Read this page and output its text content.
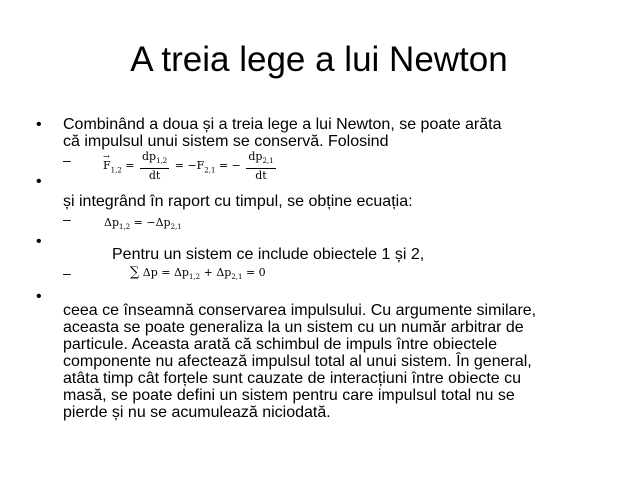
A treia lege a lui Newton
• Combinând a doua și a treia lege a lui Newton, se poate arăta
că impulsul unui sistem se conservă. Folosind
–
→	$F_{1,2} = \frac{dp_{1,2}}{dt} = -F_{2,1}$ = − $\frac{dp_{2,1}}{dt}$
•
și integrând în raport cu timpul, se obține ecuația:
–	$\Delta p_{1,2} = -\Delta p_{2,1}$
•
Pentru un sistem ce include obiectele 1 și 2,
–	∑ $\Delta p = \Delta p_{1,2} + \Delta p_{2,1} = 0$
•
ceea ce înseamnă conservarea impulsului. Cu argumente similare,
aceasta se poate generaliza la un sistem cu un număr arbitrar de
particule. Aceasta arată că schimbul de impuls între obiectele
componente nu afectează impulsul total al unui sistem. În general,
atâta timp cât forțele sunt cauzate de interacțiuni între obiecte cu
masă, se poate defini un sistem pentru care impulsul total nu se
pierde și nu se acumulează niciodată.
